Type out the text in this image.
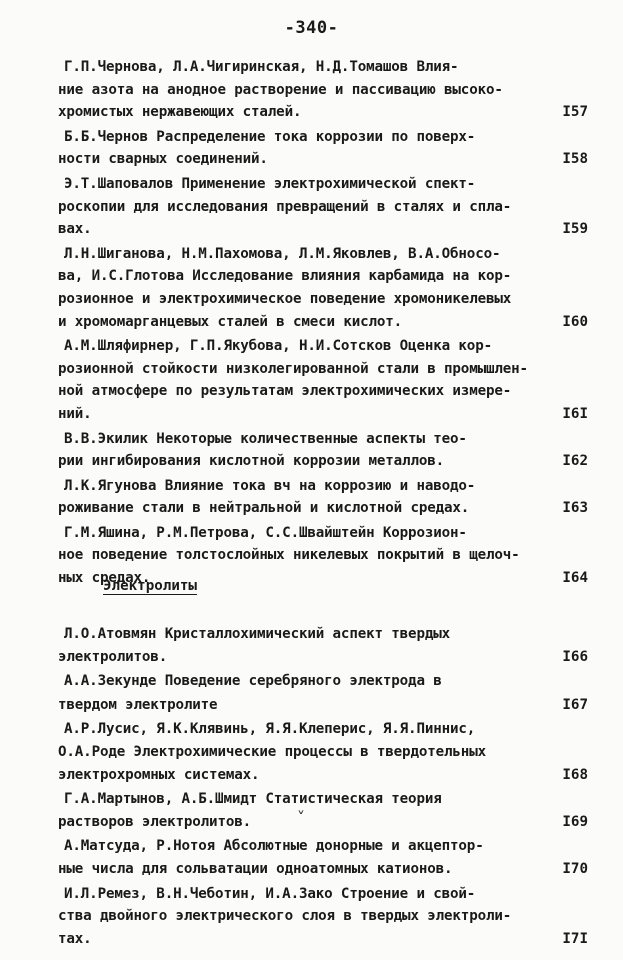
-340-
Г.П.Чернова, Л.А.Чигиринская, Н.Д.Томашов Влия-
ние азота на анодное растворение и пассивацию высоко-
хромистых нержавеющих сталей.	I57
Б.Б.Чернов Распределение тока коррозии по поверх-
ности сварных соединений.	I58
Э.Т.Шаповалов Применение электрохимической спект-
роскопии для исследования превращений в сталях и спла-
вах.	I59
Л.Н.Шиганова, Н.М.Пахомова, Л.М.Яковлев, В.А.Обносо-
ва, И.С.Глотова Исследование влияния карбамида на кор-
розионное и электрохимическое поведение хромоникелевых
и хромомарганцевых сталей в смеси кислот.	I60
А.М.Шляфирнер, Г.П.Якубова, Н.И.Сотсков Оценка кор-
розионной стойкости низколегированной стали в промышлен-
ной атмосфере по результатам электрохимических измере-
ний.	I6I
В.В.Экилик Некоторые количественные аспекты тео-
рии ингибирования кислотной коррозии металлов.	I62
Л.К.Ягунова Влияние тока вч на коррозию и наводо-
роживание стали в нейтральной и кислотной средах.	I63
Г.М.Яшина, Р.М.Петрова, С.С.Швайштейн Коррозион-
ное поведение толстослойных никелевых покрытий в щелоч-
ных средах.	I64
Электролиты
Л.О.Атовмян Кристаллохимический аспект твердых
электролитов.	I66
А.А.Зекунде Поведение серебряного электрода в
твердом электролите	I67
А.Р.Лусис, Я.К.Клявинь, Я.Я.Клеперис, Я.Я.Пиннис,
О.А.Роде Электрохимические процессы в твердотельных
электрохромных системах.	I68
Г.А.Мартынов, А.Б.Шмидт Статистическая теория
растворов электролитов.	I69
А.Матсуда, Р.Нотоя Абсолютные донорные и акцептор-
ные числа для сольватации одноатомных катионов.	I70
И.Л.Ремез, В.Н.Чеботин, И.А.Зако Строение и свой-
ства двойного электрического слоя в твердых электроли-
тах.	I7I
˅
